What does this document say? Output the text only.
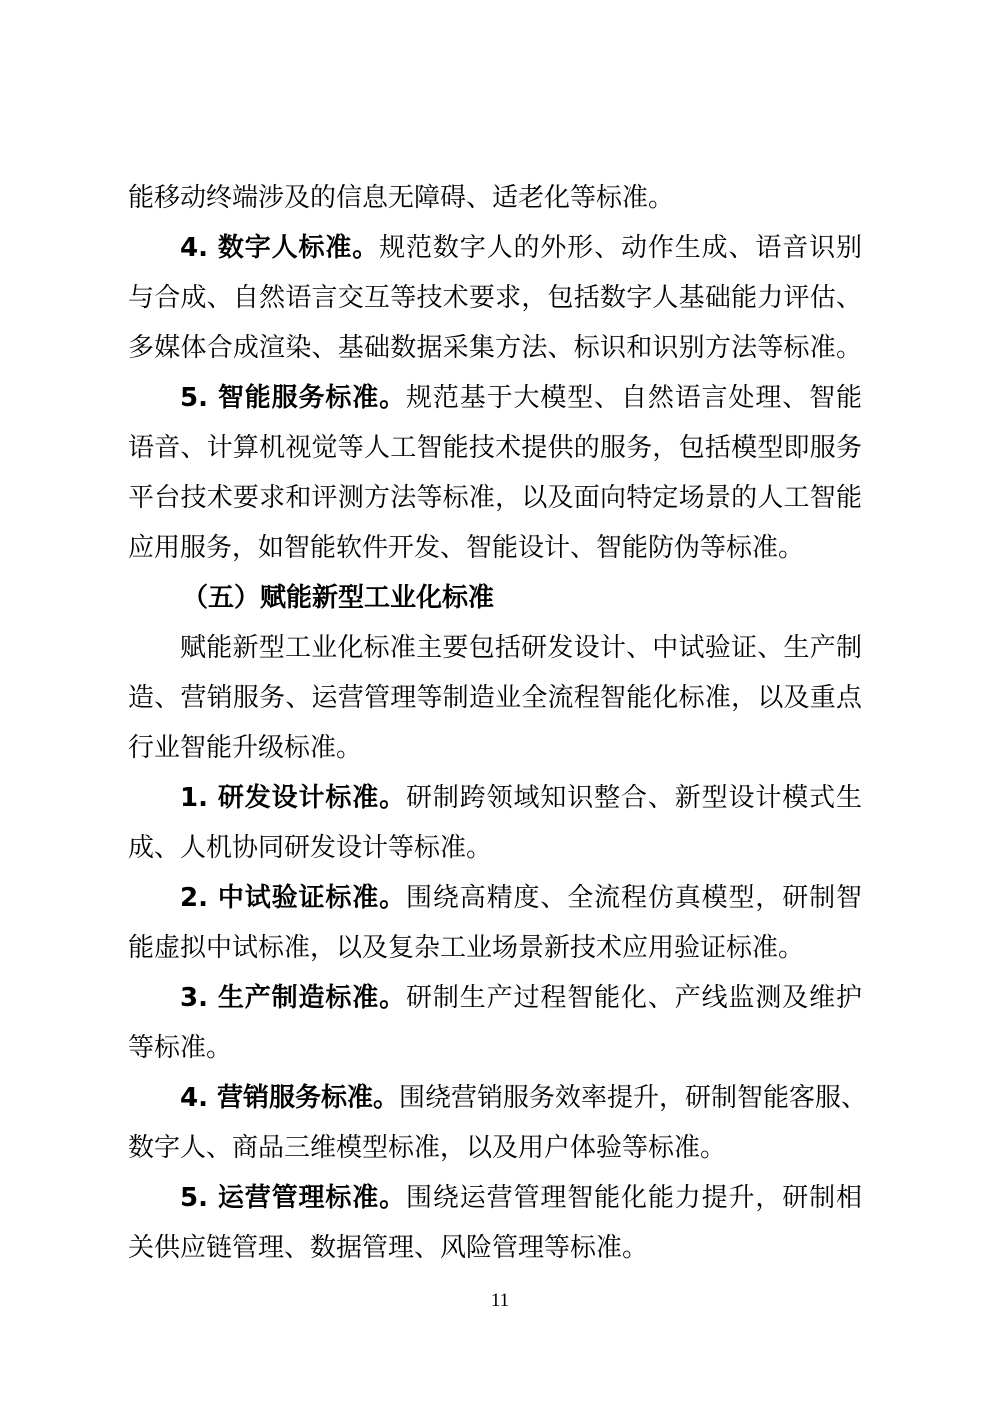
能移动终端涉及的信息无障碍、适老化等标准。
4. 数字人标准。规范数字人的外形、动作生成、语音识别
与合成、自然语言交互等技术要求，包括数字人基础能力评估、
多媒体合成渲染、基础数据采集方法、标识和识别方法等标准。
5. 智能服务标准。规范基于大模型、自然语言处理、智能
语音、计算机视觉等人工智能技术提供的服务，包括模型即服务
平台技术要求和评测方法等标准，以及面向特定场景的人工智能
应用服务，如智能软件开发、智能设计、智能防伪等标准。
（五）赋能新型工业化标准
赋能新型工业化标准主要包括研发设计、中试验证、生产制
造、营销服务、运营管理等制造业全流程智能化标准，以及重点
行业智能升级标准。
1. 研发设计标准。研制跨领域知识整合、新型设计模式生
成、人机协同研发设计等标准。
2. 中试验证标准。围绕高精度、全流程仿真模型，研制智
能虚拟中试标准，以及复杂工业场景新技术应用验证标准。
3. 生产制造标准。研制生产过程智能化、产线监测及维护
等标准。
4. 营销服务标准。围绕营销服务效率提升，研制智能客服、
数字人、商品三维模型标准，以及用户体验等标准。
5. 运营管理标准。围绕运营管理智能化能力提升，研制相
关供应链管理、数据管理、风险管理等标准。
11
